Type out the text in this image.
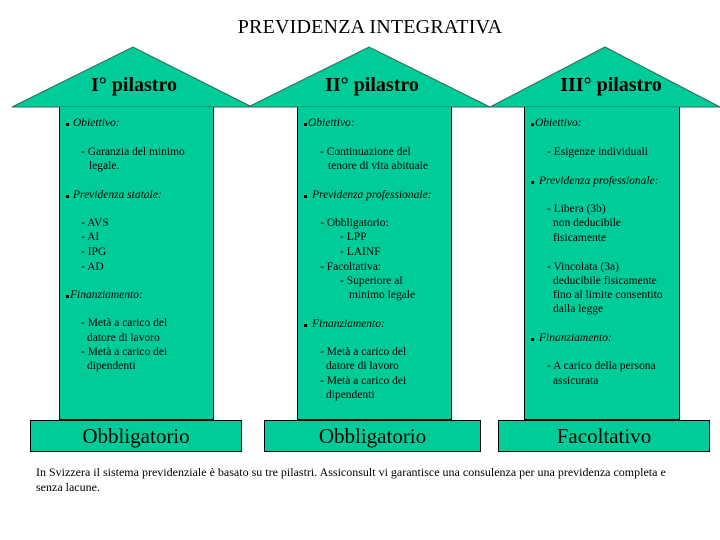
PREVIDENZA INTEGRATIVA
I° pilastro	II° pilastro	III° pilastro
Obiettivo:
- Garanzia del minimo
legale.
Previdenza statale:
- AVS
- AI
- IPG
- AD
Finanziamento:
- Metà a carico del
datore di lavoro
- Metà a carico dei
dipendenti
Obiettivo:
- Continuazione del
tenore di vita abituale
Previdenza professionale:
- Obbligatorio:
- LPP
- LAINF
- Facoltativa:
- Superiore al
minimo legale
Finanziamento:
- Metà a carico del
datore di lavoro
- Metà a carico dei
dipendenti
Obiettivo:
- Esigenze individuali
Previdenza professionale:
- Libera (3b)
non deducibile
fisicamente
- Vincolata (3a)
deducibile fisicamente
fino al limite consentito
dalla legge
Finanziamento:
- A carico della persona
assicurata
Obbligatorio	Obbligatorio	Facoltativo
In Svizzera il sistema previdenziale è basato su tre pilastri. Assiconsult vi garantisce una consulenza per una previdenza completa e senza lacune.
